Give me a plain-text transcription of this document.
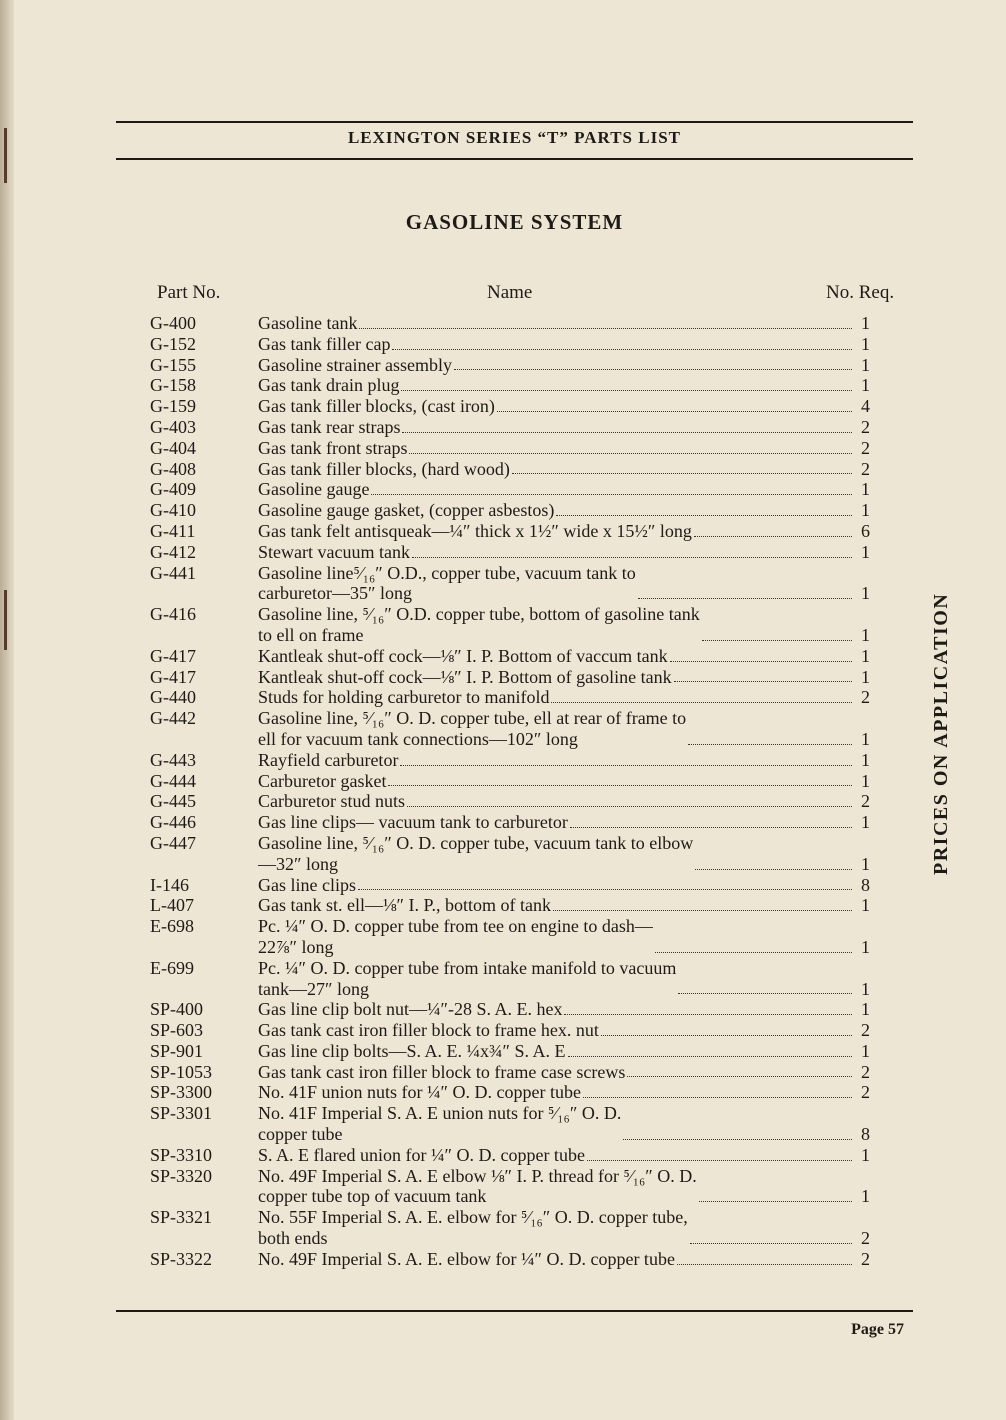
LEXINGTON SERIES “T” PARTS LIST
GASOLINE SYSTEM
Part No.	Name	No. Req.
G-400	Gasoline tank	1
G-152	Gas tank filler cap	1
G-155	Gasoline strainer assembly	1
G-158	Gas tank drain plug	1
G-159	Gas tank filler blocks, (cast iron)	4
G-403	Gas tank rear straps	2
G-404	Gas tank front straps	2
G-408	Gas tank filler blocks, (hard wood)	2
G-409	Gasoline gauge	1
G-410	Gasoline gauge gasket, (copper asbestos)	1
G-411	Gas tank felt antisqueak—¼″ thick x 1½″ wide x 15½″ long	6
G-412	Stewart vacuum tank	1
G-441	Gasoline line⁵⁄₁₆″ O.D., copper tube, vacuum tank to
carburetor—35″ long	1
G-416	Gasoline line, ⁵⁄₁₆″ O.D. copper tube, bottom of gasoline tank
to ell on frame	1
G-417	Kantleak shut-off cock—⅛″ I. P. Bottom of vaccum tank	1
G-417	Kantleak shut-off cock—⅛″ I. P. Bottom of gasoline tank	1
G-440	Studs for holding carburetor to manifold	2
G-442	Gasoline line, ⁵⁄₁₆″ O. D. copper tube, ell at rear of frame to
ell for vacuum tank connections—102″ long	1
G-443	Rayfield carburetor	1
G-444	Carburetor gasket	1
G-445	Carburetor stud nuts	2
G-446	Gas line clips— vacuum tank to carburetor	1
G-447	Gasoline line, ⁵⁄₁₆″ O. D. copper tube, vacuum tank to elbow
—32″ long	1
I-146	Gas line clips	8
L-407	Gas tank st. ell—⅛″ I. P., bottom of tank	1
E-698	Pc. ¼″ O. D. copper tube from tee on engine to dash—
22⅞″ long	1
E-699	Pc. ¼″ O. D. copper tube from intake manifold to vacuum
tank—27″ long	1
SP-400	Gas line clip bolt nut—¼″-28 S. A. E. hex	1
SP-603	Gas tank cast iron filler block to frame hex. nut	2
SP-901	Gas line clip bolts—S. A. E. ¼x¾″ S. A. E	1
SP-1053	Gas tank cast iron filler block to frame case screws	2
SP-3300	No. 41F union nuts for ¼″ O. D. copper tube	2
SP-3301	No. 41F Imperial S. A. E union nuts for ⁵⁄₁₆″ O. D.
copper tube	8
SP-3310	S. A. E flared union for ¼″ O. D. copper tube	1
SP-3320	No. 49F Imperial S. A. E elbow ⅛″ I. P. thread for ⁵⁄₁₆″ O. D.
copper tube top of vacuum tank	1
SP-3321	No. 55F Imperial S. A. E. elbow for ⁵⁄₁₆″ O. D. copper tube,
both ends	2
SP-3322	No. 49F Imperial S. A. E. elbow for ¼″ O. D. copper tube	2
PRICES ON APPLICATION
Page 57
